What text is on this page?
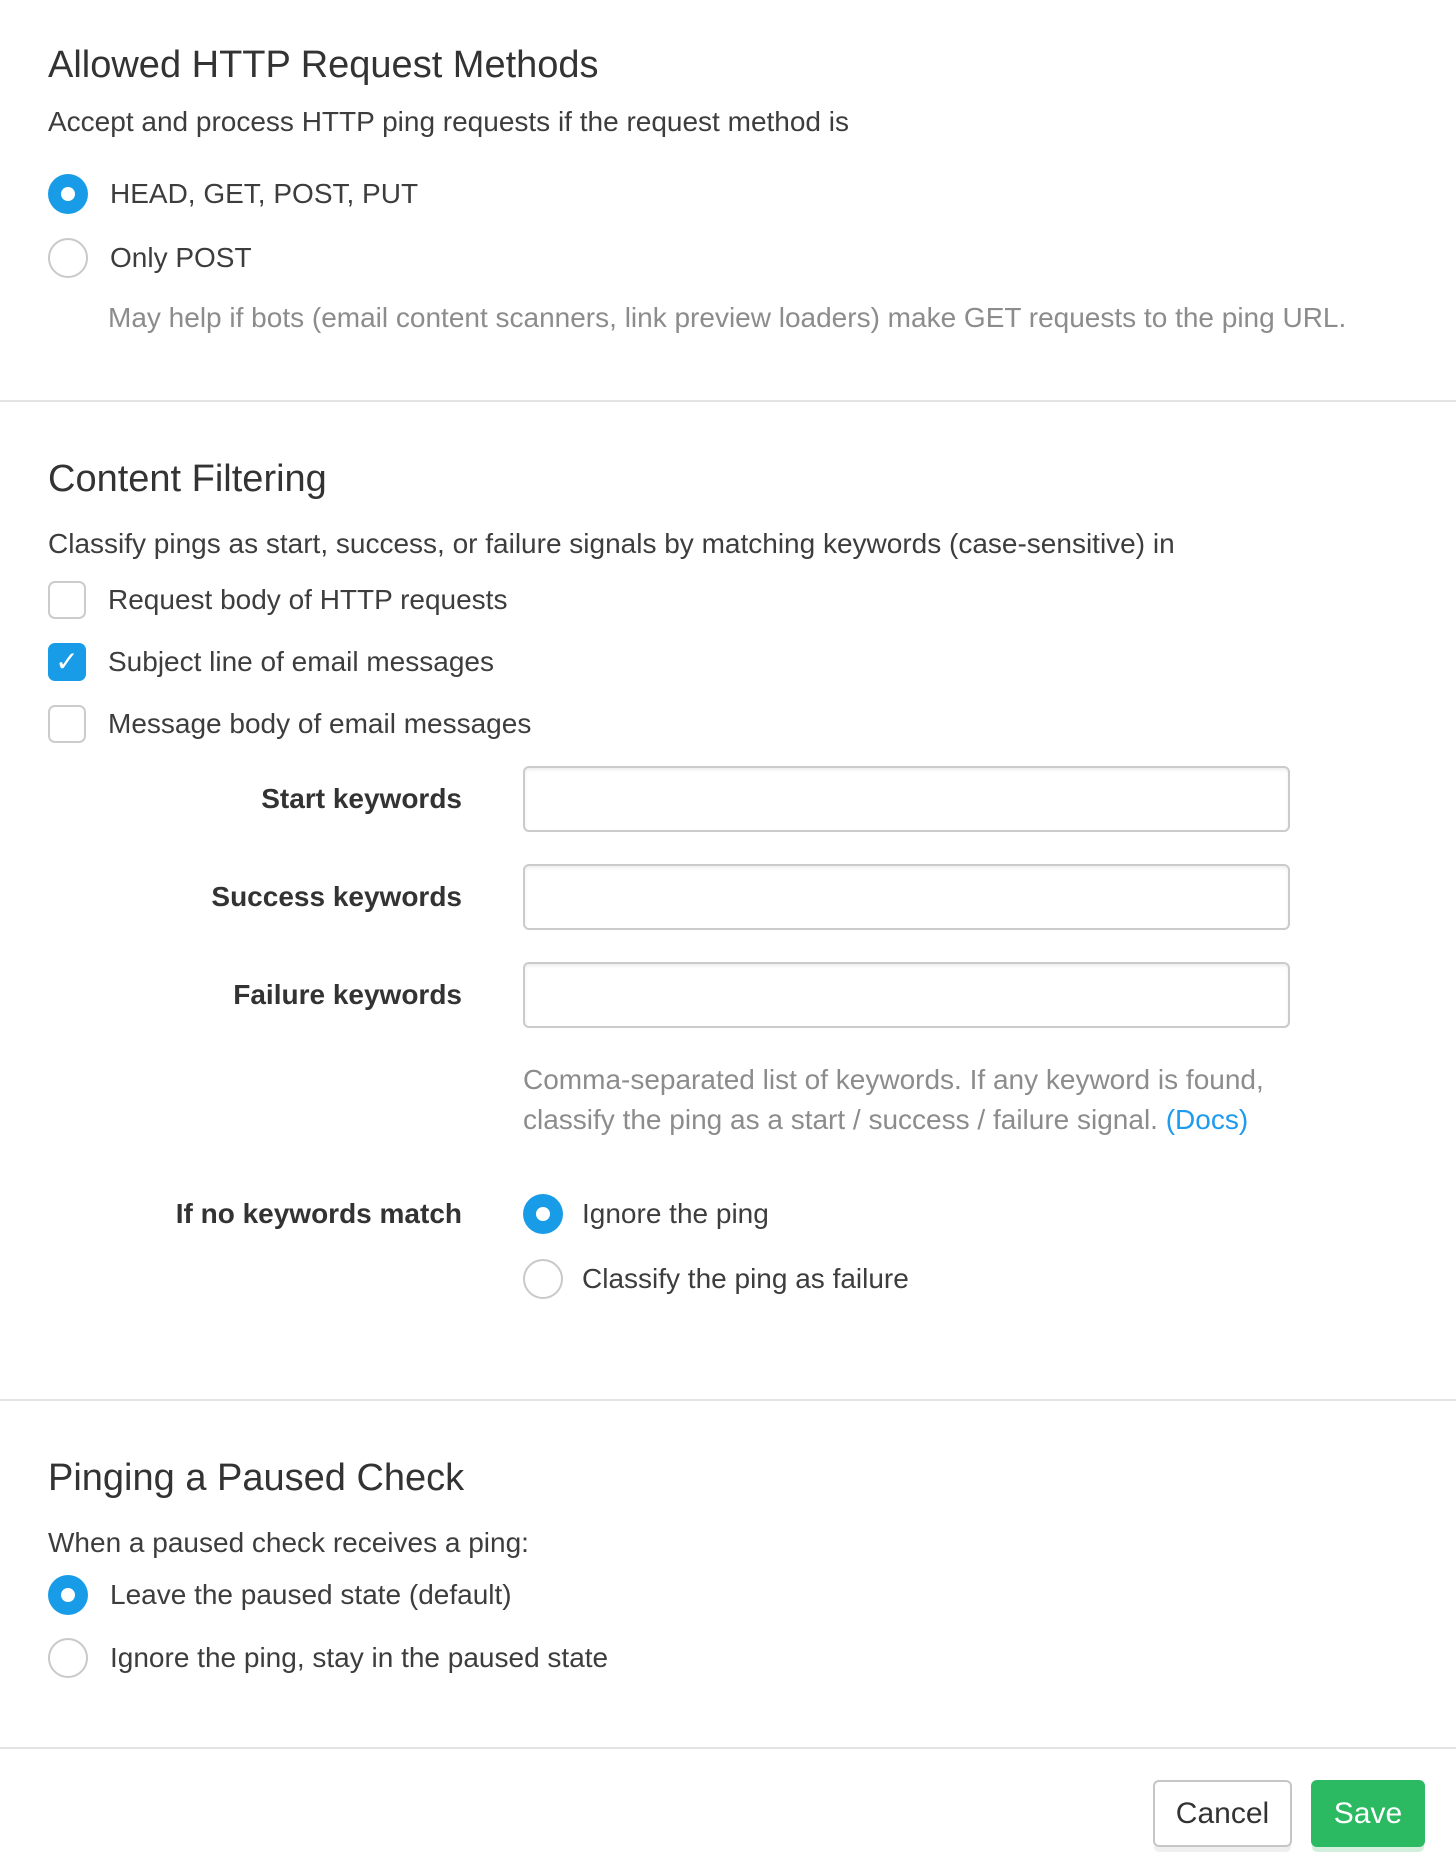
Allowed HTTP Request Methods

Accept and process HTTP ping requests if the request method is

HEAD, GET, POST, PUT
Only POST
May help if bots (email content scanners, link preview loaders) make GET requests to the ping URL.
Content Filtering

Classify pings as start, success, or failure signals by matching keywords (case-sensitive) in

Request body of HTTP requests
✓ Subject line of email messages
Message body of email messages
Start keywords
Success keywords
Failure keywords
Comma-separated list of keywords. If any keyword is found,
classify the ping as a start / success / failure signal. (Docs)
If no keywords match	Ignore the ping
Classify the ping as failure
Pinging a Paused Check

When a paused check receives a ping:

Leave the paused state (default)
Ignore the ping, stay in the paused state
Cancel	Save
